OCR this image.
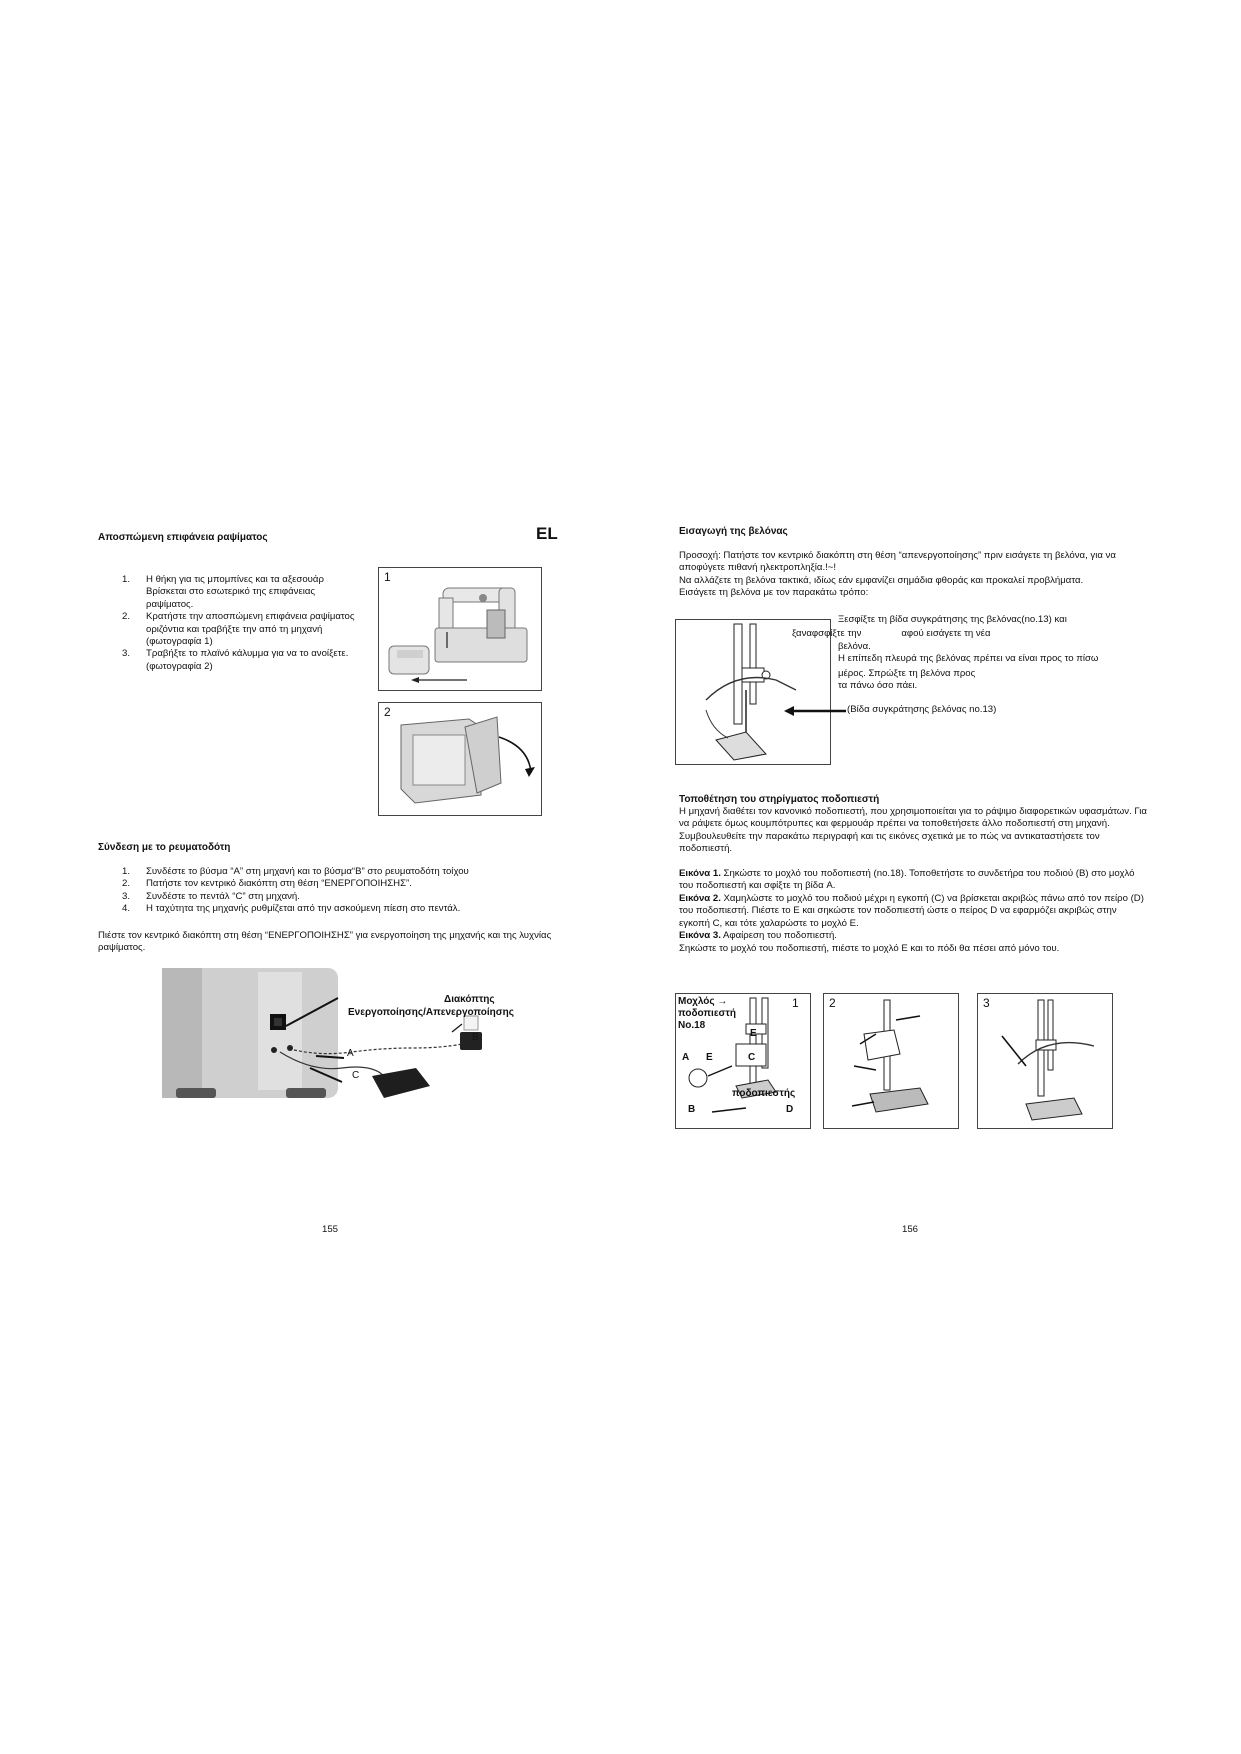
Αποσπώμενη επιφάνεια ραψίματος	EL
1. Η θήκη για τις μπομπίνες και τα αξεσουάρ Βρίσκεται στο εσωτερικό της επιφάνειας ραψίματος.
2. Κρατήστε την αποσπώμενη επιφάνεια ραψίματος οριζόντια και τραβήξτε την από τη μηχανή (φωτογραφία 1)
3. Τραβήξτε το πλαϊνό κάλυμμα για να το ανοίξετε. (φωτογραφία 2)
1
2
Σύνδεση με το ρευματοδότη
1. Συνδέστε το βύσμα “A” στη μηχανή και το βύσμα“B” στο ρευματοδότη τοίχου
2. Πατήστε τον κεντρικό διακόπτη στη θέση “ΕΝΕΡΓΟΠΟΙΗΣΗΣ”.
3. Συνδέστε το πεντάλ “C” στη μηχανή.
4. Η ταχύτητα της μηχανής ρυθμίζεται από την ασκούμενη πίεση στο πεντάλ.
Πιέστε τον κεντρικό διακόπτη στη θέση “ΕΝΕΡΓΟΠΟΙΗΣΗΣ” για ενεργοποίηση της μηχανής και της λυχνίας ραψίματος.
Διακόπτης
Ενεργοποίησης/Απενεργοποίησης
A
B
C
155
Εισαγωγή της βελόνας
Προσοχή: Πατήστε τον κεντρικό διακόπτη στη θέση “απενεργοποίησης” πριν εισάγετε τη βελόνα, για να αποφύγετε πιθανή ηλεκτροπληξία.!~!
Να αλλάζετε τη βελόνα τακτικά, ιδίως εάν εμφανίζει σημάδια φθοράς και προκαλεί προβλήματα.
Εισάγετε τη βελόνα με τον παρακάτω τρόπο:
Ξεσφίξτε τη βίδα συγκράτησης της βελόνας(no.13) και
ξαναφσφίξτε την	αφού εισάγετε τη νέα
βελόνα.
Η επίπεδη πλευρά της βελόνας πρέπει να είναι προς το πίσω
μέρος. Σπρώξτε τη βελόνα προς
τα πάνω όσο πάει.
(Βίδα συγκράτησης βελόνας no.13)
Τοποθέτηση του στηρίγματος ποδοπιεστή
Η μηχανή διαθέτει τον κανονικό ποδοπιεστή, που χρησιμοποιείται για το ράψιμο διαφορετικών υφασμάτων. Για να ράψετε όμως κουμπότρυπες και φερμουάρ πρέπει να τοποθετήσετε άλλο ποδοπιεστή στη μηχανή. Συμβουλευθείτε την παρακάτω περιγραφή και τις εικόνες σχετικά με το πώς να αντικαταστήσετε τον ποδοπιεστή.
Εικόνα 1. Σηκώστε το μοχλό του ποδοπιεστή (no.18). Τοποθετήστε το συνδετήρα του ποδιού (B) στο μοχλό του ποδοπιεστή και σφίξτε τη βίδα A.
Εικόνα 2. Χαμηλώστε το μοχλό του ποδιού μέχρι η εγκοπή (C) να βρίσκεται ακριβώς πάνω από τον πείρο (D) του ποδοπιεστή. Πιέστε το E και σηκώστε τον ποδοπιεστή ώστε ο πείρος D να εφαρμόζει ακριβώς στην εγκοπή C, και τότε χαλαρώστε το μοχλό E.
Εικόνα 3. Αφαίρεση του ποδοπιεστή.
Σηκώστε το μοχλό του ποδοπιεστή, πιέστε το μοχλό E και το πόδι θα πέσει από μόνο του.
1
Μοχλός →
ποδοπιεστή
No.18
E
A E	C
ποδοπιεστής
B	D
2	3
156
